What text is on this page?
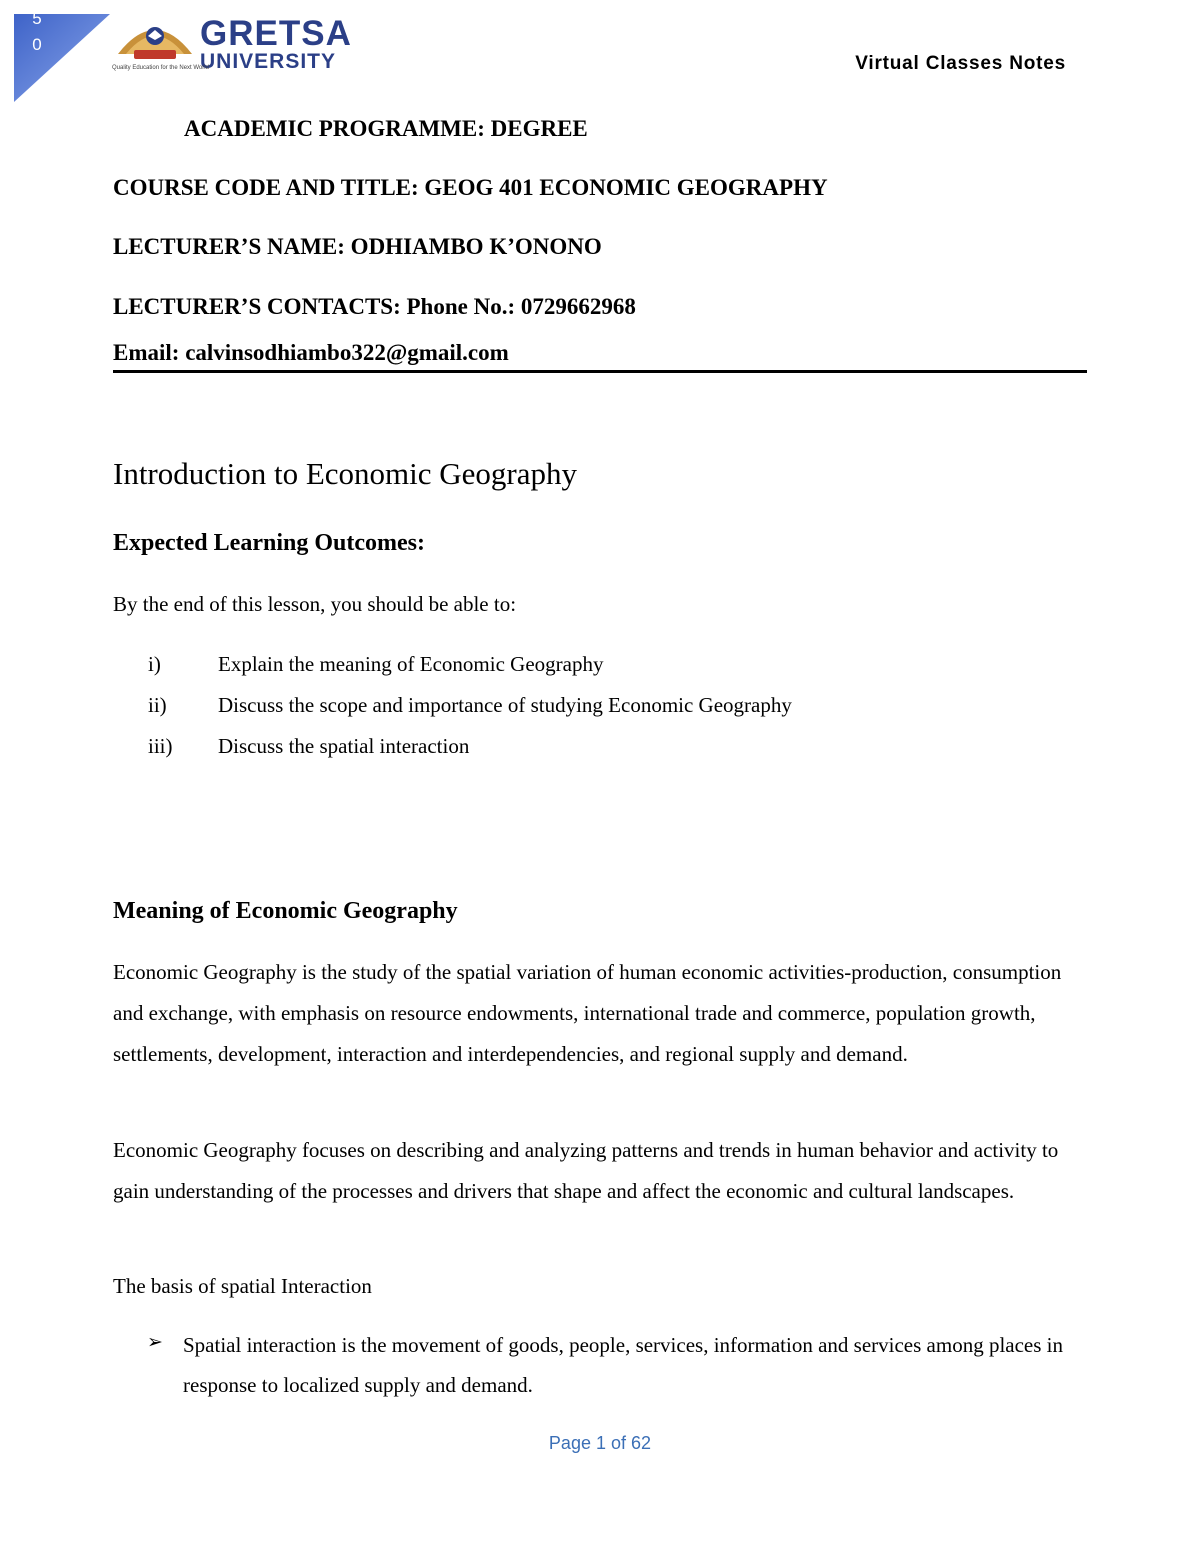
5
0	GRETSA
UNIVERSITY
Quality Education for the Next World	Virtual Classes Notes
ACADEMIC PROGRAMME: DEGREE
COURSE CODE AND TITLE: GEOG 401 ECONOMIC GEOGRAPHY
LECTURER’S NAME: ODHIAMBO K’ONONO
LECTURER’S CONTACTS: Phone No.: 0729662968
Email: calvinsodhiambo322@gmail.com
Introduction to Economic Geography
Expected Learning Outcomes:
By the end of this lesson, you should be able to:
i)	Explain the meaning of Economic Geography
ii) Discuss the scope and importance of studying Economic Geography
iii) Discuss the spatial interaction
Meaning of Economic Geography
Economic Geography is the study of the spatial variation of human economic activities-production, consumption and exchange, with emphasis on resource endowments, international trade and commerce, population growth, settlements, development, interaction and interdependencies, and regional supply and demand.
Economic Geography focuses on describing and analyzing patterns and trends in human behavior and activity to gain understanding of the processes and drivers that shape and affect the economic and cultural landscapes.
The basis of spatial Interaction
➢ Spatial interaction is the movement of goods, people, services, information and services among places in response to localized supply and demand.
Page 1 of 62
